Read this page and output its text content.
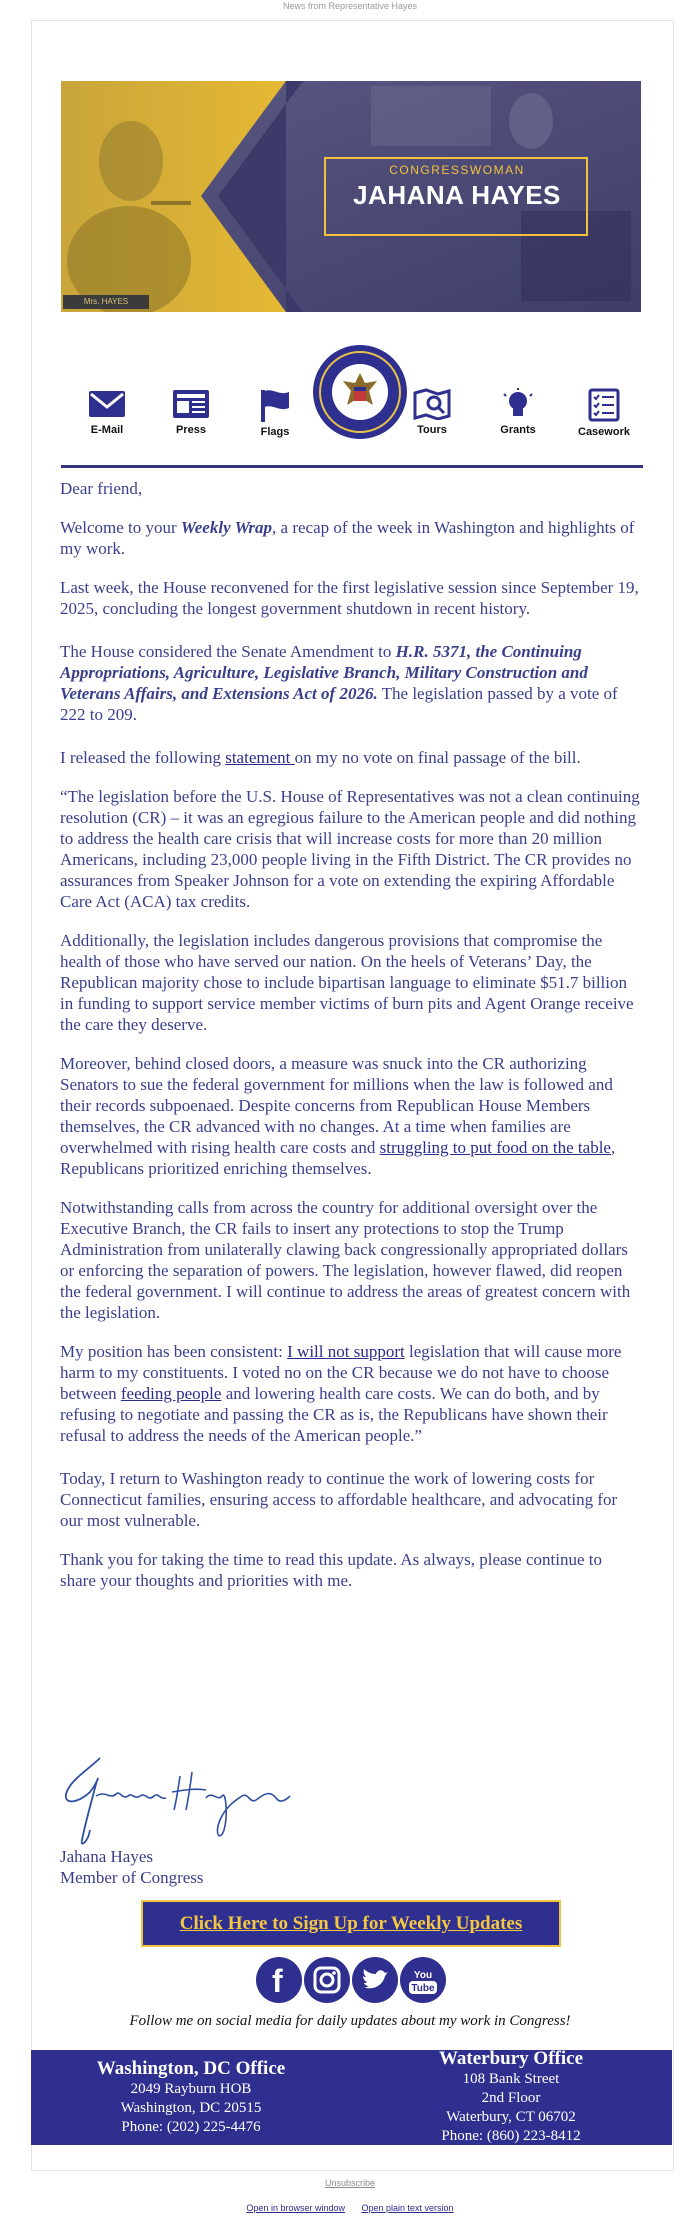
News from Representative Hayes
CONGRESSWOMAN
JAHANA HAYES
Mrs. HAYES
E-Mail	Press	Flags	Tours	Grants	Casework

Dear friend,

Welcome to your Weekly Wrap, a recap of the week in Washington and highlights of my work.

Last week, the House reconvened for the first legislative session since September 19, 2025, concluding the longest government shutdown in recent history.

The House considered the Senate Amendment to H.R. 5371, the Continuing Appropriations, Agriculture, Legislative Branch, Military Construction and Veterans Affairs, and Extensions Act of 2026. The legislation passed by a vote of 222 to 209.

I released the following statement on my no vote on final passage of the bill.

“The legislation before the U.S. House of Representatives was not a clean continuing resolution (CR) – it was an egregious failure to the American people and did nothing to address the health care crisis that will increase costs for more than 20 million Americans, including 23,000 people living in the Fifth District. The CR provides no assurances from Speaker Johnson for a vote on extending the expiring Affordable Care Act (ACA) tax credits.

Additionally, the legislation includes dangerous provisions that compromise the health of those who have served our nation. On the heels of Veterans’ Day, the Republican majority chose to include bipartisan language to eliminate $51.7 billion in funding to support service member victims of burn pits and Agent Orange receive the care they deserve.

Moreover, behind closed doors, a measure was snuck into the CR authorizing Senators to sue the federal government for millions when the law is followed and their records subpoenaed. Despite concerns from Republican House Members themselves, the CR advanced with no changes. At a time when families are overwhelmed with rising health care costs and struggling to put food on the table, Republicans prioritized enriching themselves.

Notwithstanding calls from across the country for additional oversight over the Executive Branch, the CR fails to insert any protections to stop the Trump Administration from unilaterally clawing back congressionally appropriated dollars or enforcing the separation of powers. The legislation, however flawed, did reopen the federal government. I will continue to address the areas of greatest concern with the legislation.

My position has been consistent: I will not support legislation that will cause more harm to my constituents. I voted no on the CR because we do not have to choose between feeding people and lowering health care costs. We can do both, and by refusing to negotiate and passing the CR as is, the Republicans have shown their refusal to address the needs of the American people.”

Today, I return to Washington ready to continue the work of lowering costs for Connecticut families, ensuring access to affordable healthcare, and advocating for our most vulnerable.

Thank you for taking the time to read this update. As always, please continue to share your thoughts and priorities with me.

Jahana Hayes
Member of Congress
Click Here to Sign Up for Weekly Updates
f	You
Tube
Follow me on social media for daily updates about my work in Congress!
Washington, DC Office
2049 Rayburn HOB
Washington, DC 20515
Phone: (202) 225-4476
Waterbury Office
108 Bank Street
2nd Floor
Waterbury, CT 06702
Phone: (860) 223-8412
Unsubscribe
Open in browser window Open plain text version
